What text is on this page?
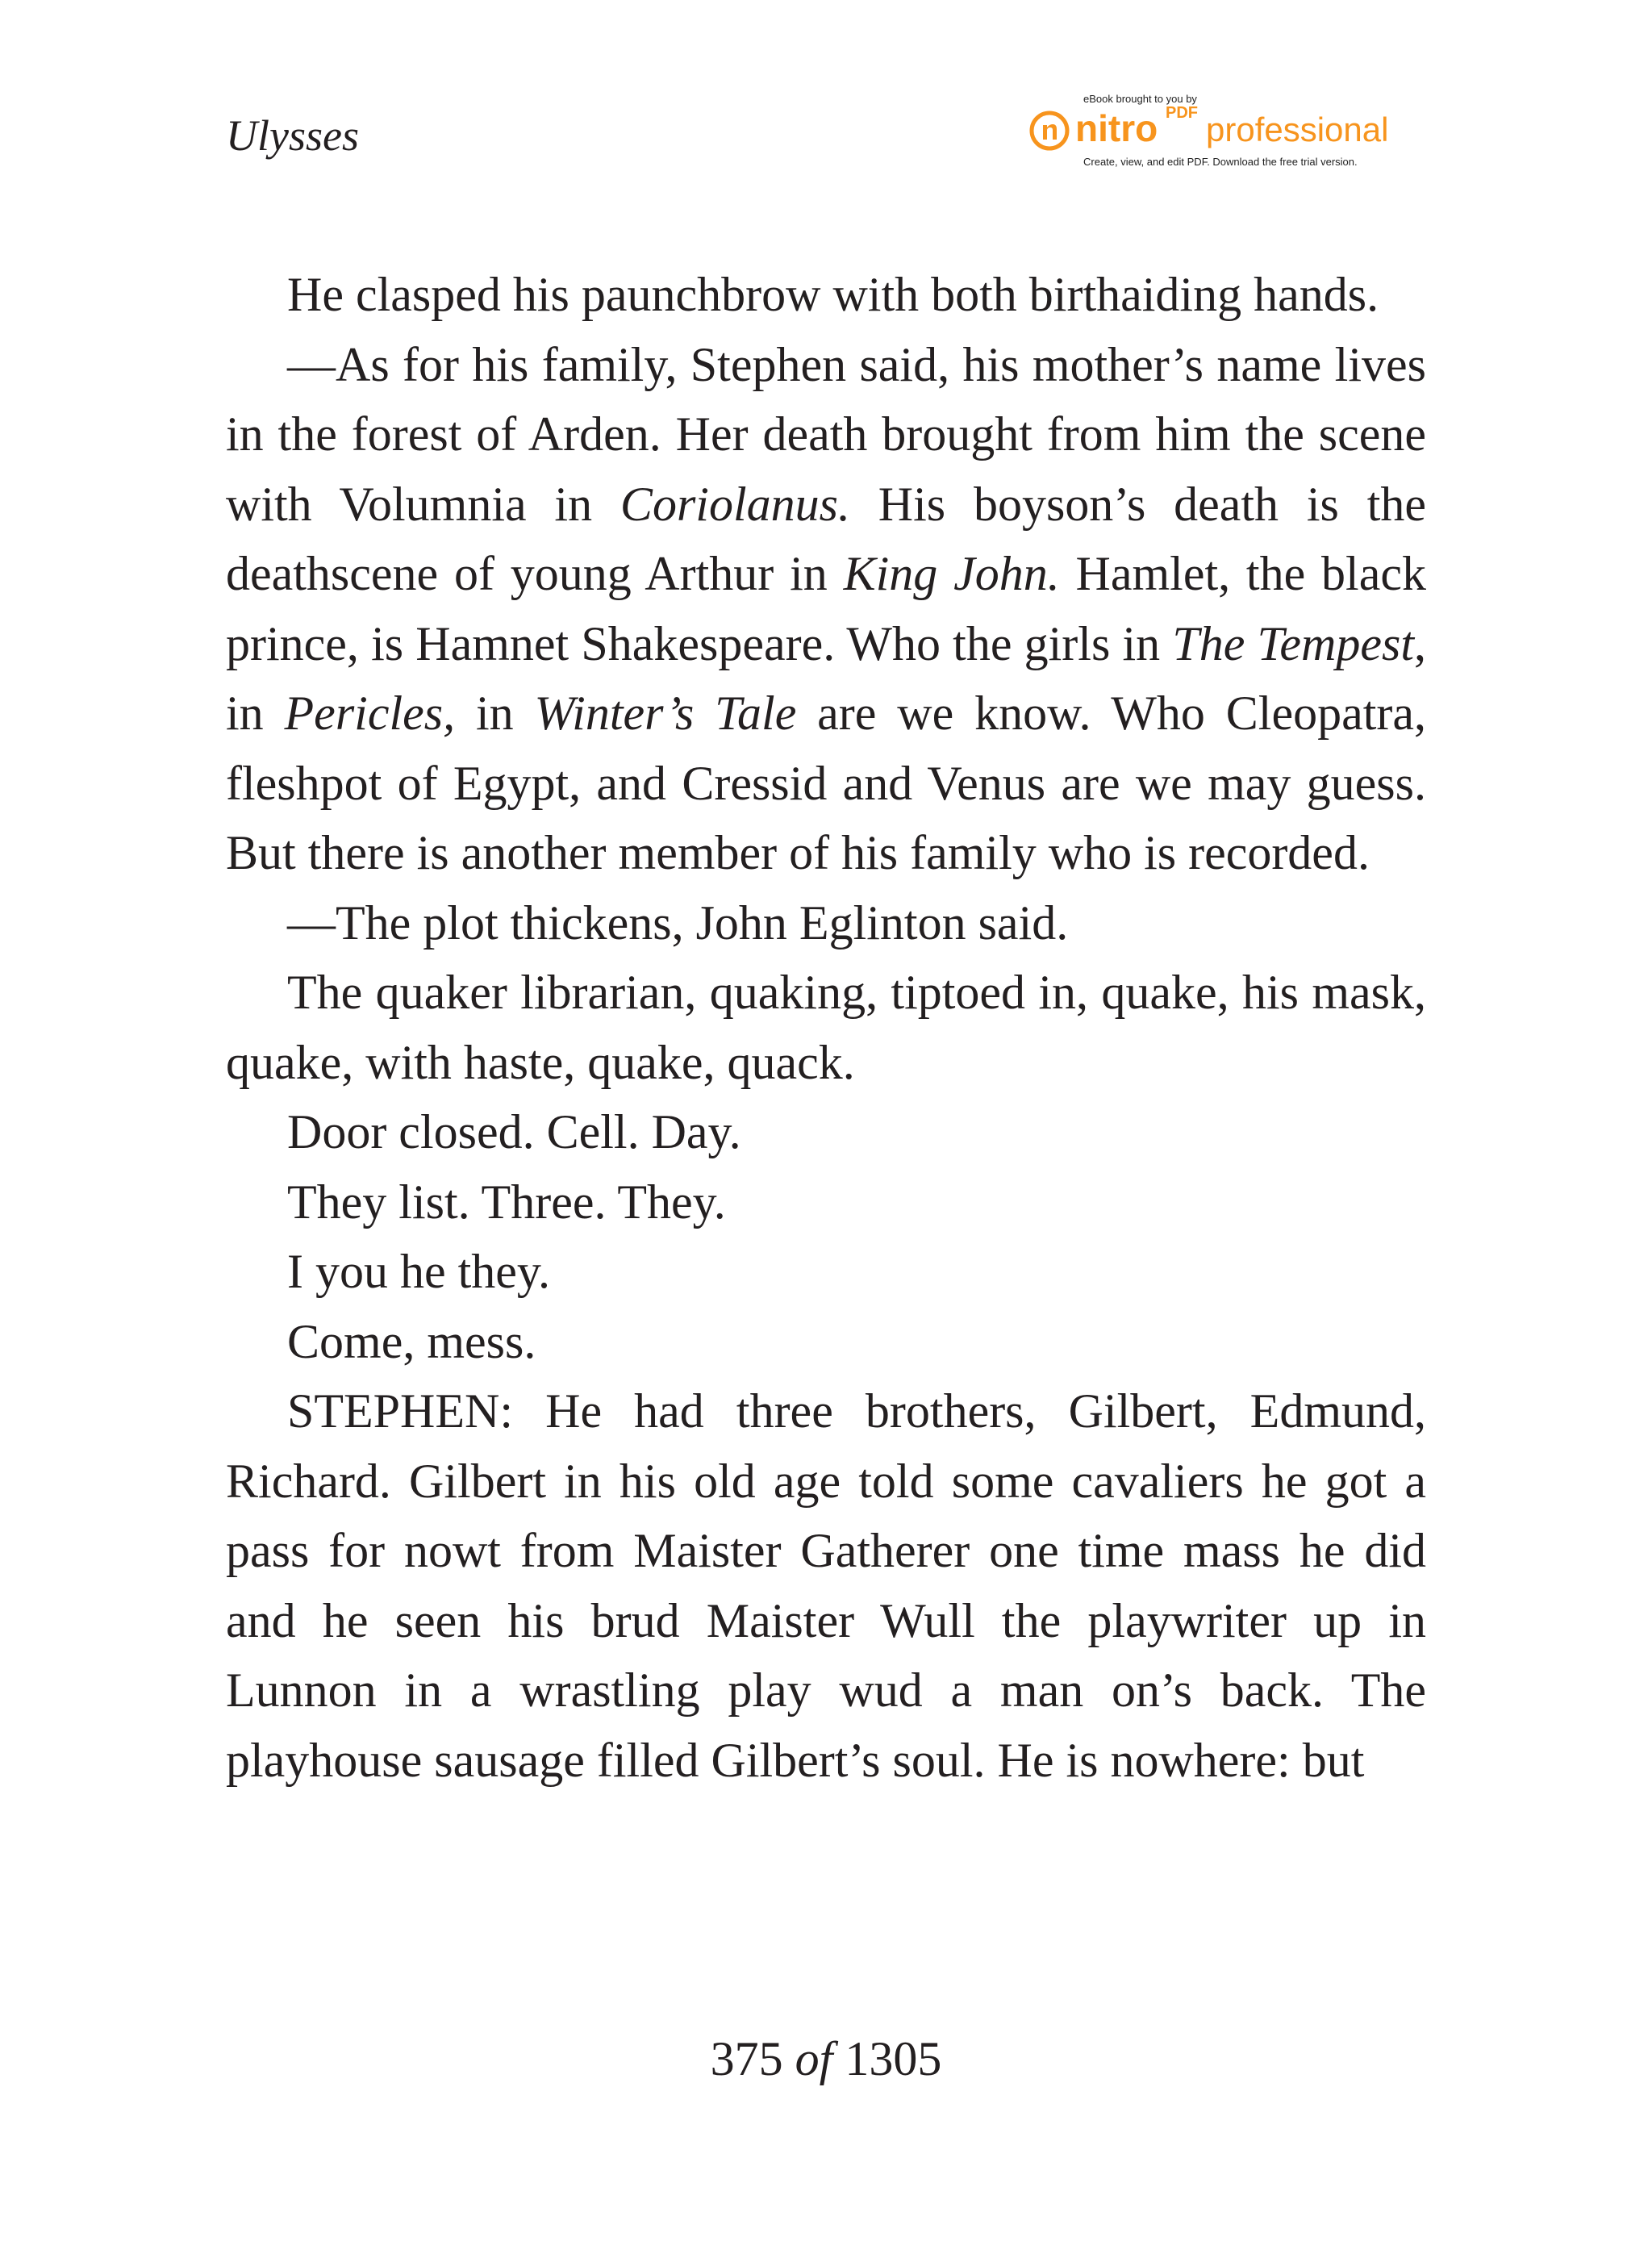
Ulysses
eBook brought to you by
nitro PDF professional
Create, view, and edit PDF. Download the free trial version.

He clasped his paunchbrow with both birthaiding hands.

—As for his family, Stephen said, his mother’s name lives in the forest of Arden. Her death brought from him the scene with Volumnia in Coriolanus. His boyson’s death is the deathscene of young Arthur in King John. Hamlet, the black prince, is Hamnet Shakespeare. Who the girls in The Tempest, in Pericles, in Winter’s Tale are we know. Who Cleopatra, fleshpot of Egypt, and Cressid and Venus are we may guess. But there is another member of his family who is recorded.

—The plot thickens, John Eglinton said.

The quaker librarian, quaking, tiptoed in, quake, his mask, quake, with haste, quake, quack.

Door closed. Cell. Day.

They list. Three. They.

I you he they.

Come, mess.

STEPHEN: He had three brothers, Gilbert, Edmund, Richard. Gilbert in his old age told some cavaliers he got a pass for nowt from Maister Gatherer one time mass he did and he seen his brud Maister Wull the playwriter up in Lunnon in a wrastling play wud a man on’s back. The playhouse sausage filled Gilbert’s soul. He is nowhere: but

375 of 1305
